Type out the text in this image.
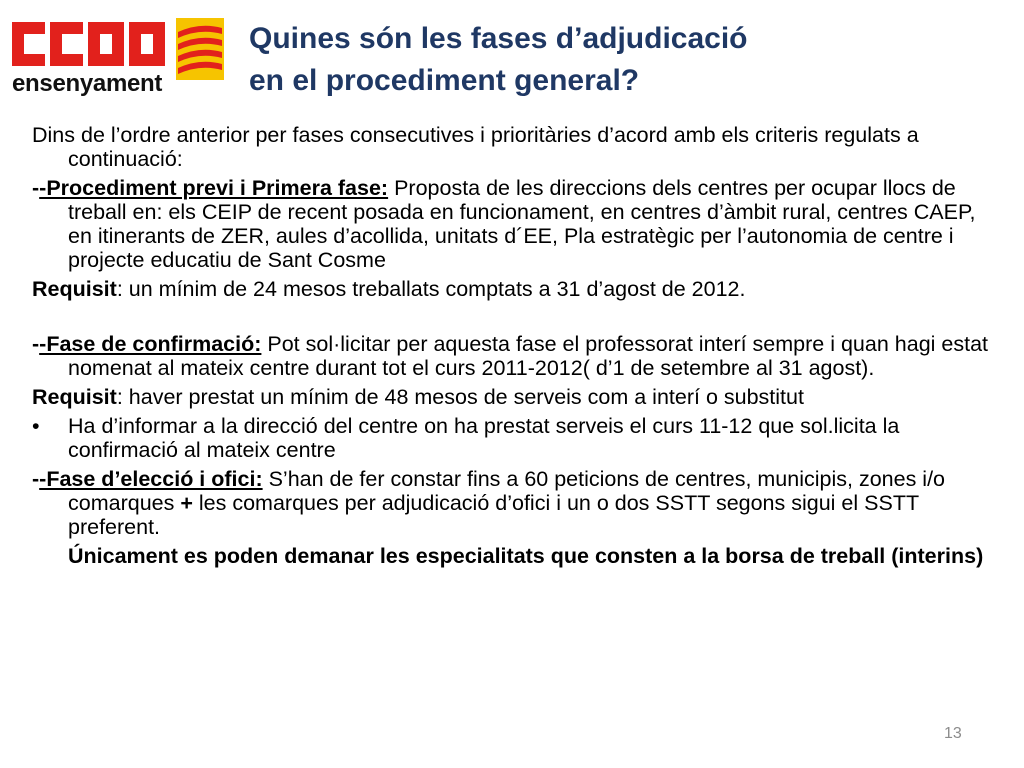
ensenyament
Quines són les fases d’adjudicació
en el procediment general?

Dins de l’ordre anterior per fases consecutives i prioritàries d’acord amb els criteris regulats a continuació:

--Procediment previ i Primera fase: Proposta de les direccions dels centres per ocupar llocs de treball en: els CEIP de recent posada en funcionament, en centres d’àmbit rural, centres CAEP, en itinerants de ZER, aules d’acollida, unitats d´EE, Pla estratègic per l’autonomia de centre i projecte educatiu de Sant Cosme

Requisit: un mínim de 24 mesos treballats comptats a 31 d’agost de 2012.

--Fase de confirmació: Pot sol·licitar per aquesta fase el professorat interí sempre i quan hagi estat nomenat al mateix centre durant tot el curs 2011-2012( d’1 de setembre al 31 agost).

Requisit: haver prestat un mínim de 48 mesos de serveis com a interí o substitut

• Ha d’informar a la direcció del centre on ha prestat serveis el curs 11-12 que sol.licita la confirmació al mateix centre

--Fase d’elecció i ofici: S’han de fer constar fins a 60 peticions de centres, municipis, zones i/o comarques + les comarques per adjudicació d’ofici i un o dos SSTT segons sigui el SSTT preferent.

Únicament es poden demanar les especialitats que consten a la borsa de treball (interins)

13
